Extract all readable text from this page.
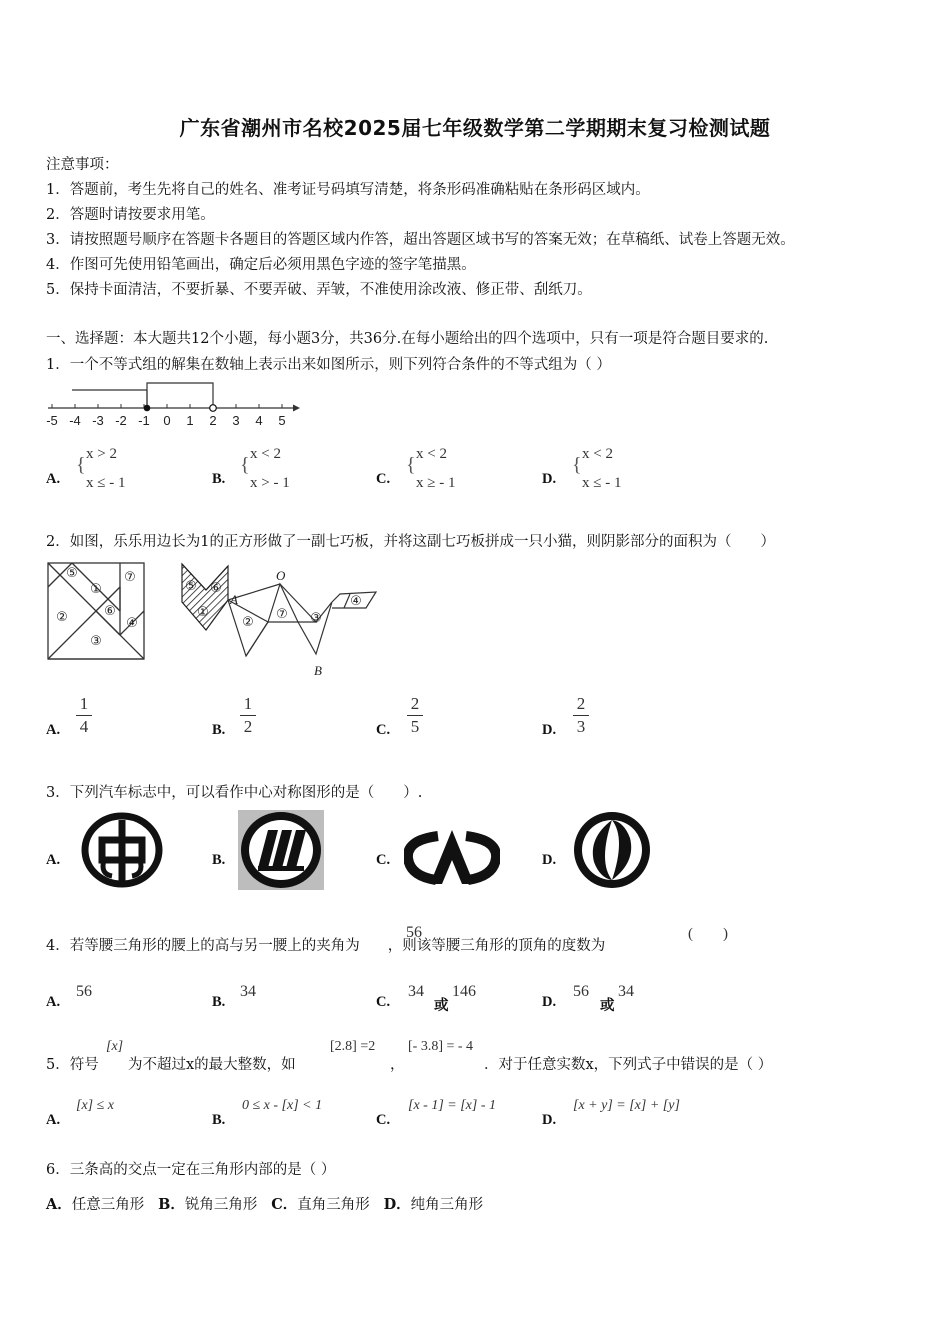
广东省潮州市名校2025届七年级数学第二学期期末复习检测试题
注意事项：
1．答题前，考生先将自己的姓名、准考证号码填写清楚，将条形码准确粘贴在条形码区域内。
2．答题时请按要求用笔。
3．请按照题号顺序在答题卡各题目的答题区域内作答，超出答题区域书写的答案无效；在草稿纸、试卷上答题无效。
4．作图可先使用铅笔画出，确定后必须用黑色字迹的签字笔描黑。
5．保持卡面清洁，不要折暴、不要弄破、弄皱，不准使用涂改液、修正带、刮纸刀。
一、选择题：本大题共12个小题，每小题3分，共36分.在每小题给出的四个选项中，只有一项是符合题目要求的.
1．一个不等式组的解集在数轴上表示出来如图所示，则下列符合条件的不等式组为（ ）
-5 -4 -3 -2 -1 0 1 2 3 4 5
A.
{ x > 2
x ≤ - 1	B.
{ x < 2
x > - 1	C.
{ x < 2
x ≥ - 1	D.
{ x < 2
x ≤ - 1
2．如图，乐乐用边长为1的正方形做了一副七巧板，并将这副七巧板拼成一只小猫，则阴影部分的面积为（　　）
⑤
①
⑦
②	⑥
④
③
⑤ ⑥
①
②
⑦ ③
④
A
O
B
A.
1
4	B.
1
2	C.
2
5	D.
2
3
3．下列汽车标志中，可以看作中心对称图形的是（　　）.
A.	B.	C.	D.
4．若等腰三角形的腰上的高与另一腰上的夹角为 ，则该等腰三角形的顶角的度数为
56	(　　)
A.
56
B.
34
C.
34
或
146
D.
56
或
34
5．符号
[x]
为不超过x的最大整数，如
[2.8] =2
，
[- 3.8] = - 4
．对于任意实数x，下列式子中错误的是（ ）
A.
[x] ≤ x
B.
0 ≤ x - [x] < 1
C.
[x - 1] = [x] - 1
D.
[x + y] = [x] + [y]
6．三条高的交点一定在三角形内部的是（ ）
A．任意三角形 B．锐角三角形 C．直角三角形 D．纯角三角形
